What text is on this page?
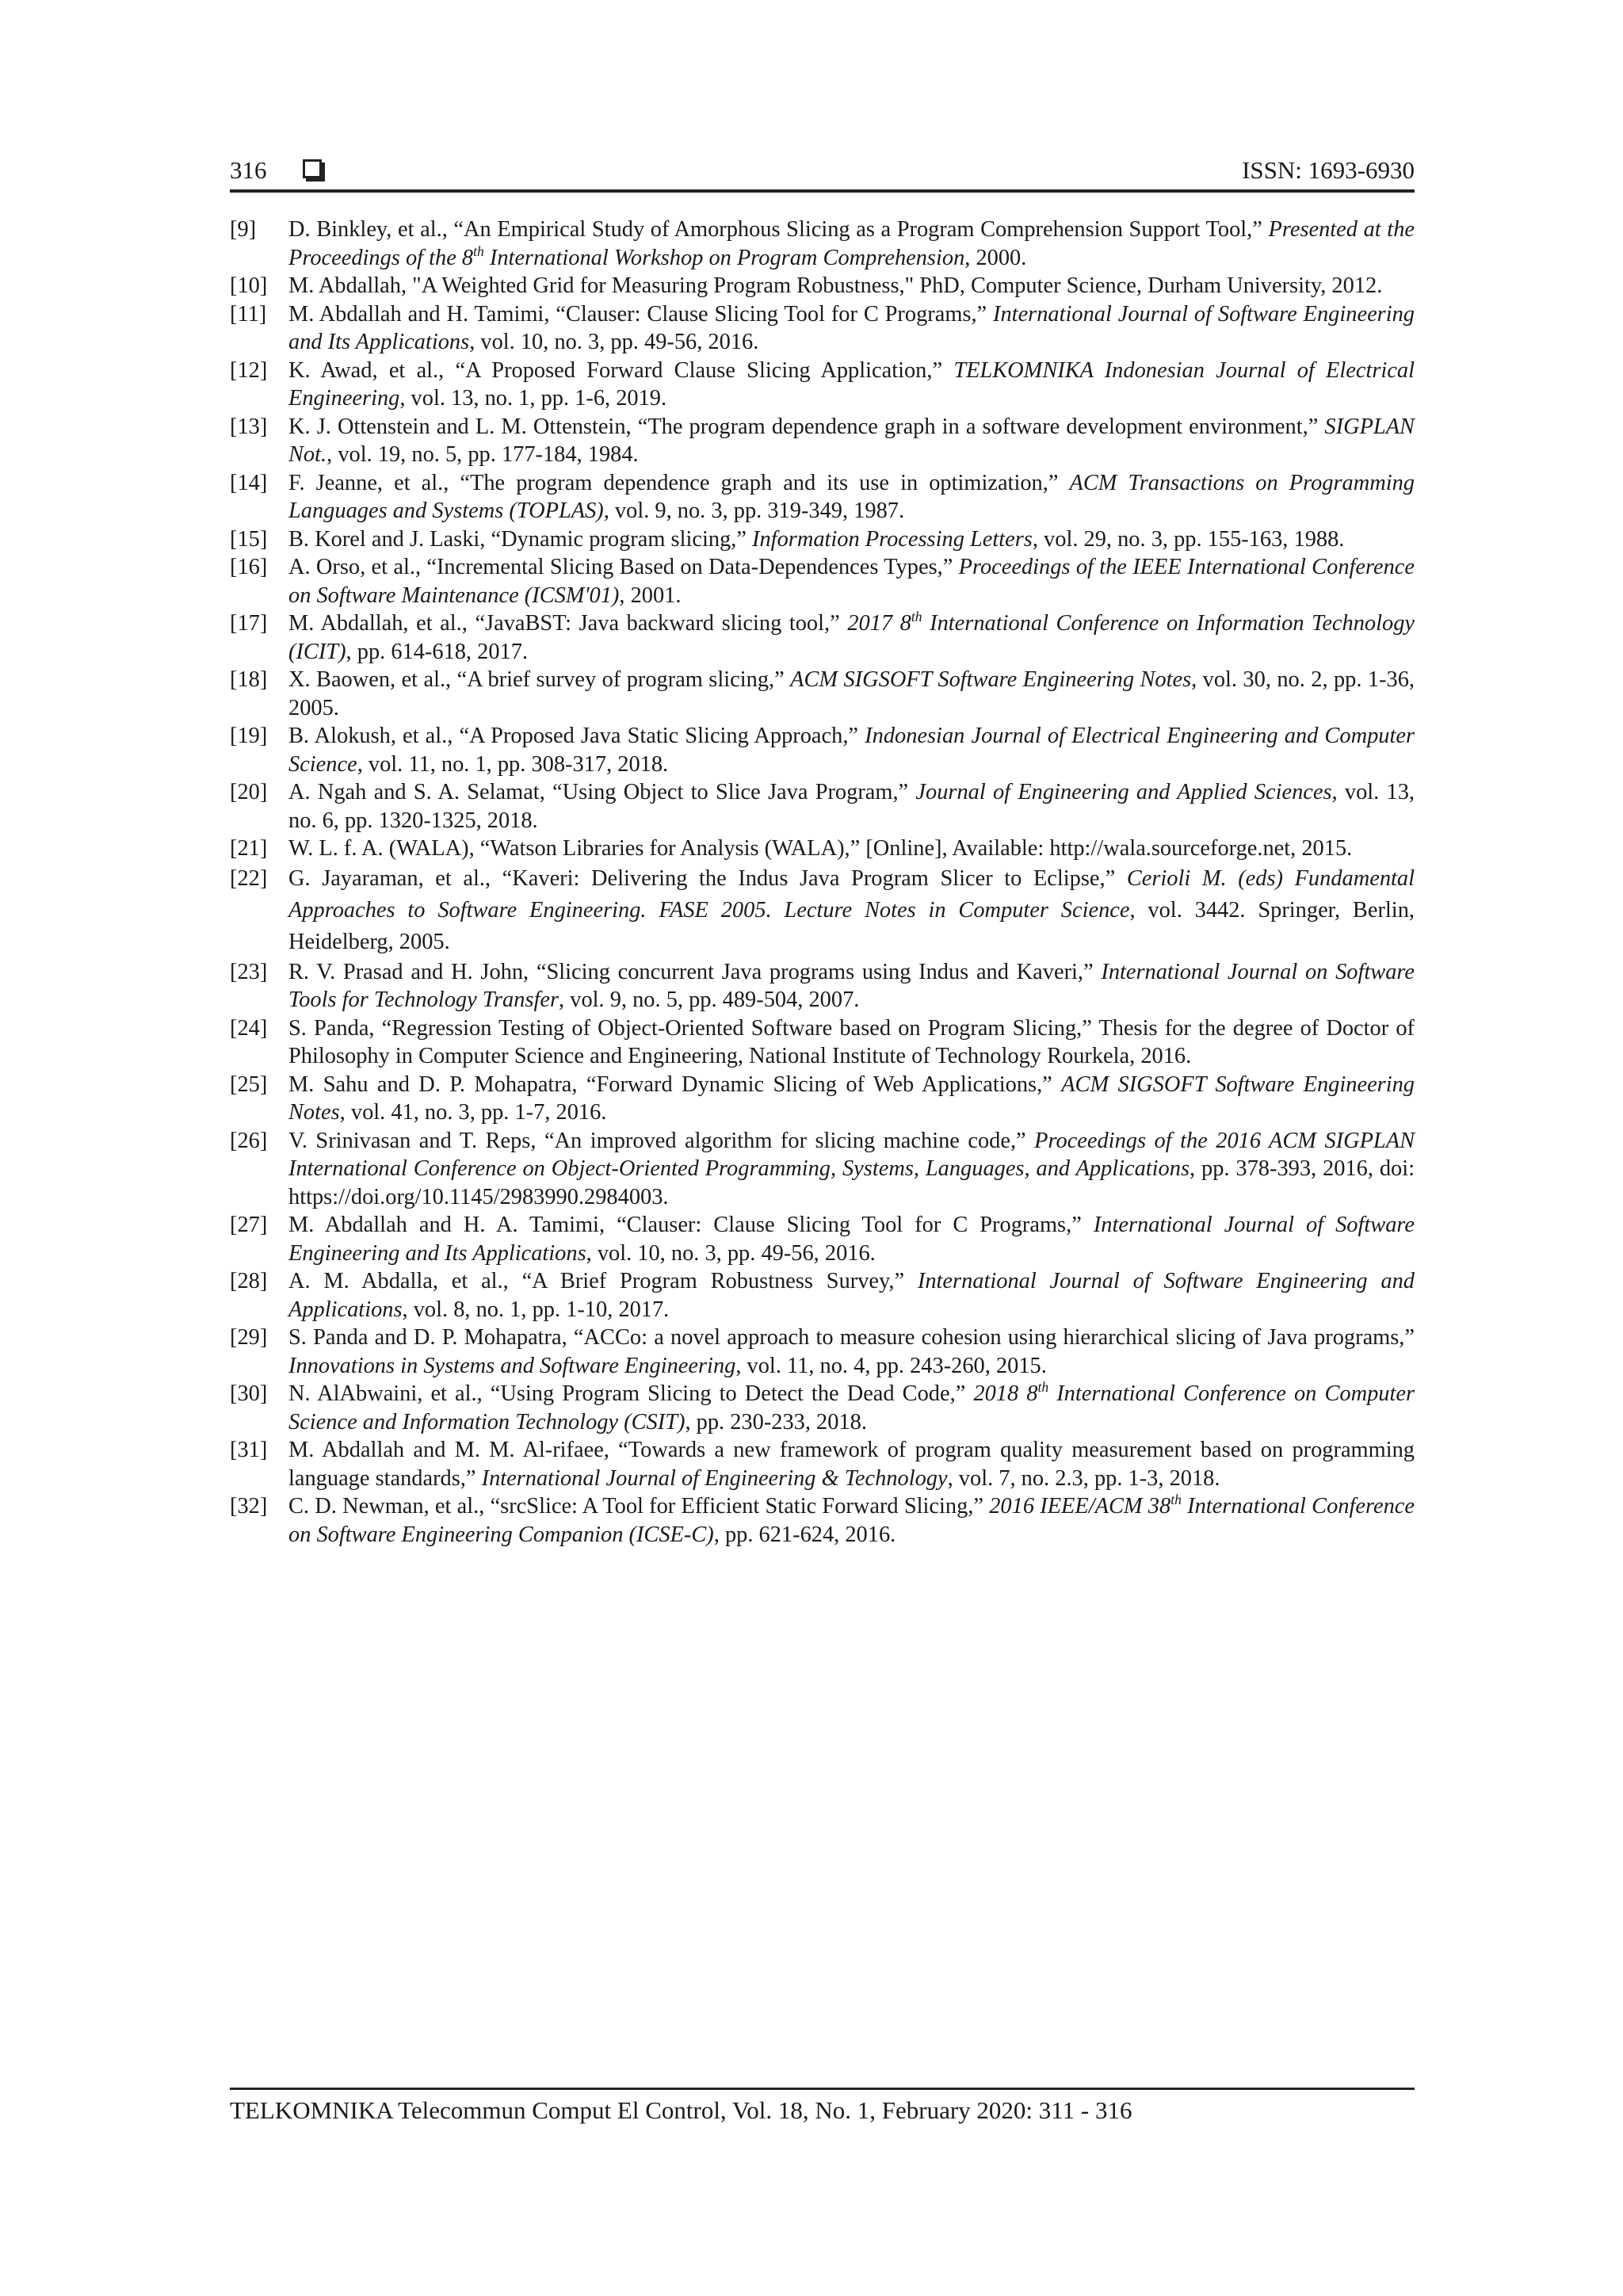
316	ISSN: 1693-6930
[9]	D. Binkley, et al., “An Empirical Study of Amorphous Slicing as a Program Comprehension Support Tool,” Presented at the Proceedings of the 8th International Workshop on Program Comprehension, 2000.
[10] M. Abdallah, "A Weighted Grid for Measuring Program Robustness," PhD, Computer Science, Durham University, 2012.
[11] M. Abdallah and H. Tamimi, “Clauser: Clause Slicing Tool for C Programs,” International Journal of Software Engineering and Its Applications, vol. 10, no. 3, pp. 49-56, 2016.
[12] K. Awad, et al., “A Proposed Forward Clause Slicing Application,” TELKOMNIKA Indonesian Journal of Electrical Engineering, vol. 13, no. 1, pp. 1-6, 2019.
[13] K. J. Ottenstein and L. M. Ottenstein, “The program dependence graph in a software development environment,” SIGPLAN Not., vol. 19, no. 5, pp. 177-184, 1984.
[14] F. Jeanne, et al., “The program dependence graph and its use in optimization,” ACM Transactions on Programming Languages and Systems (TOPLAS), vol. 9, no. 3, pp. 319-349, 1987.
[15] B. Korel and J. Laski, “Dynamic program slicing,” Information Processing Letters, vol. 29, no. 3, pp. 155-163, 1988.
[16] A. Orso, et al., “Incremental Slicing Based on Data-Dependences Types,” Proceedings of the IEEE International Conference on Software Maintenance (ICSM'01), 2001.
[17] M. Abdallah, et al., “JavaBST: Java backward slicing tool,” 2017 8th International Conference on Information Technology (ICIT), pp. 614-618, 2017.
[18] X. Baowen, et al., “A brief survey of program slicing,” ACM SIGSOFT Software Engineering Notes, vol. 30, no. 2, pp. 1-36, 2005.
[19] B. Alokush, et al., “A Proposed Java Static Slicing Approach,” Indonesian Journal of Electrical Engineering and Computer Science, vol. 11, no. 1, pp. 308-317, 2018.
[20] A. Ngah and S. A. Selamat, “Using Object to Slice Java Program,” Journal of Engineering and Applied Sciences, vol. 13, no. 6, pp. 1320-1325, 2018.
[21] W. L. f. A. (WALA), “Watson Libraries for Analysis (WALA),” [Online], Available: http://wala.sourceforge.net, 2015.
[22] G. Jayaraman, et al., “Kaveri: Delivering the Indus Java Program Slicer to Eclipse,” Cerioli M. (eds) Fundamental Approaches to Software Engineering. FASE 2005. Lecture Notes in Computer Science, vol. 3442. Springer, Berlin, Heidelberg, 2005.
[23] R. V. Prasad and H. John, “Slicing concurrent Java programs using Indus and Kaveri,” International Journal on Software Tools for Technology Transfer, vol. 9, no. 5, pp. 489-504, 2007.
[24] S. Panda, “Regression Testing of Object-Oriented Software based on Program Slicing,” Thesis for the degree of Doctor of Philosophy in Computer Science and Engineering, National Institute of Technology Rourkela, 2016.
[25] M. Sahu and D. P. Mohapatra, “Forward Dynamic Slicing of Web Applications,” ACM SIGSOFT Software Engineering Notes, vol. 41, no. 3, pp. 1-7, 2016.
[26] V. Srinivasan and T. Reps, “An improved algorithm for slicing machine code,” Proceedings of the 2016 ACM SIGPLAN International Conference on Object-Oriented Programming, Systems, Languages, and Applications, pp. 378-393, 2016, doi: https://doi.org/10.1145/2983990.2984003.
[27] M. Abdallah and H. A. Tamimi, “Clauser: Clause Slicing Tool for C Programs,” International Journal of Software Engineering and Its Applications, vol. 10, no. 3, pp. 49-56, 2016.
[28] A. M. Abdalla, et al., “A Brief Program Robustness Survey,” International Journal of Software Engineering and Applications, vol. 8, no. 1, pp. 1-10, 2017.
[29] S. Panda and D. P. Mohapatra, “ACCo: a novel approach to measure cohesion using hierarchical slicing of Java programs,” Innovations in Systems and Software Engineering, vol. 11, no. 4, pp. 243-260, 2015.
[30] N. AlAbwaini, et al., “Using Program Slicing to Detect the Dead Code,” 2018 8th International Conference on Computer Science and Information Technology (CSIT), pp. 230-233, 2018.
[31] M. Abdallah and M. M. Al-rifaee, “Towards a new framework of program quality measurement based on programming language standards,” International Journal of Engineering & Technology, vol. 7, no. 2.3, pp. 1-3, 2018.
[32] C. D. Newman, et al., “srcSlice: A Tool for Efficient Static Forward Slicing,” 2016 IEEE/ACM 38th International Conference on Software Engineering Companion (ICSE-C), pp. 621-624, 2016.
TELKOMNIKA Telecommun Comput El Control, Vol. 18, No. 1, February 2020: 311 - 316
